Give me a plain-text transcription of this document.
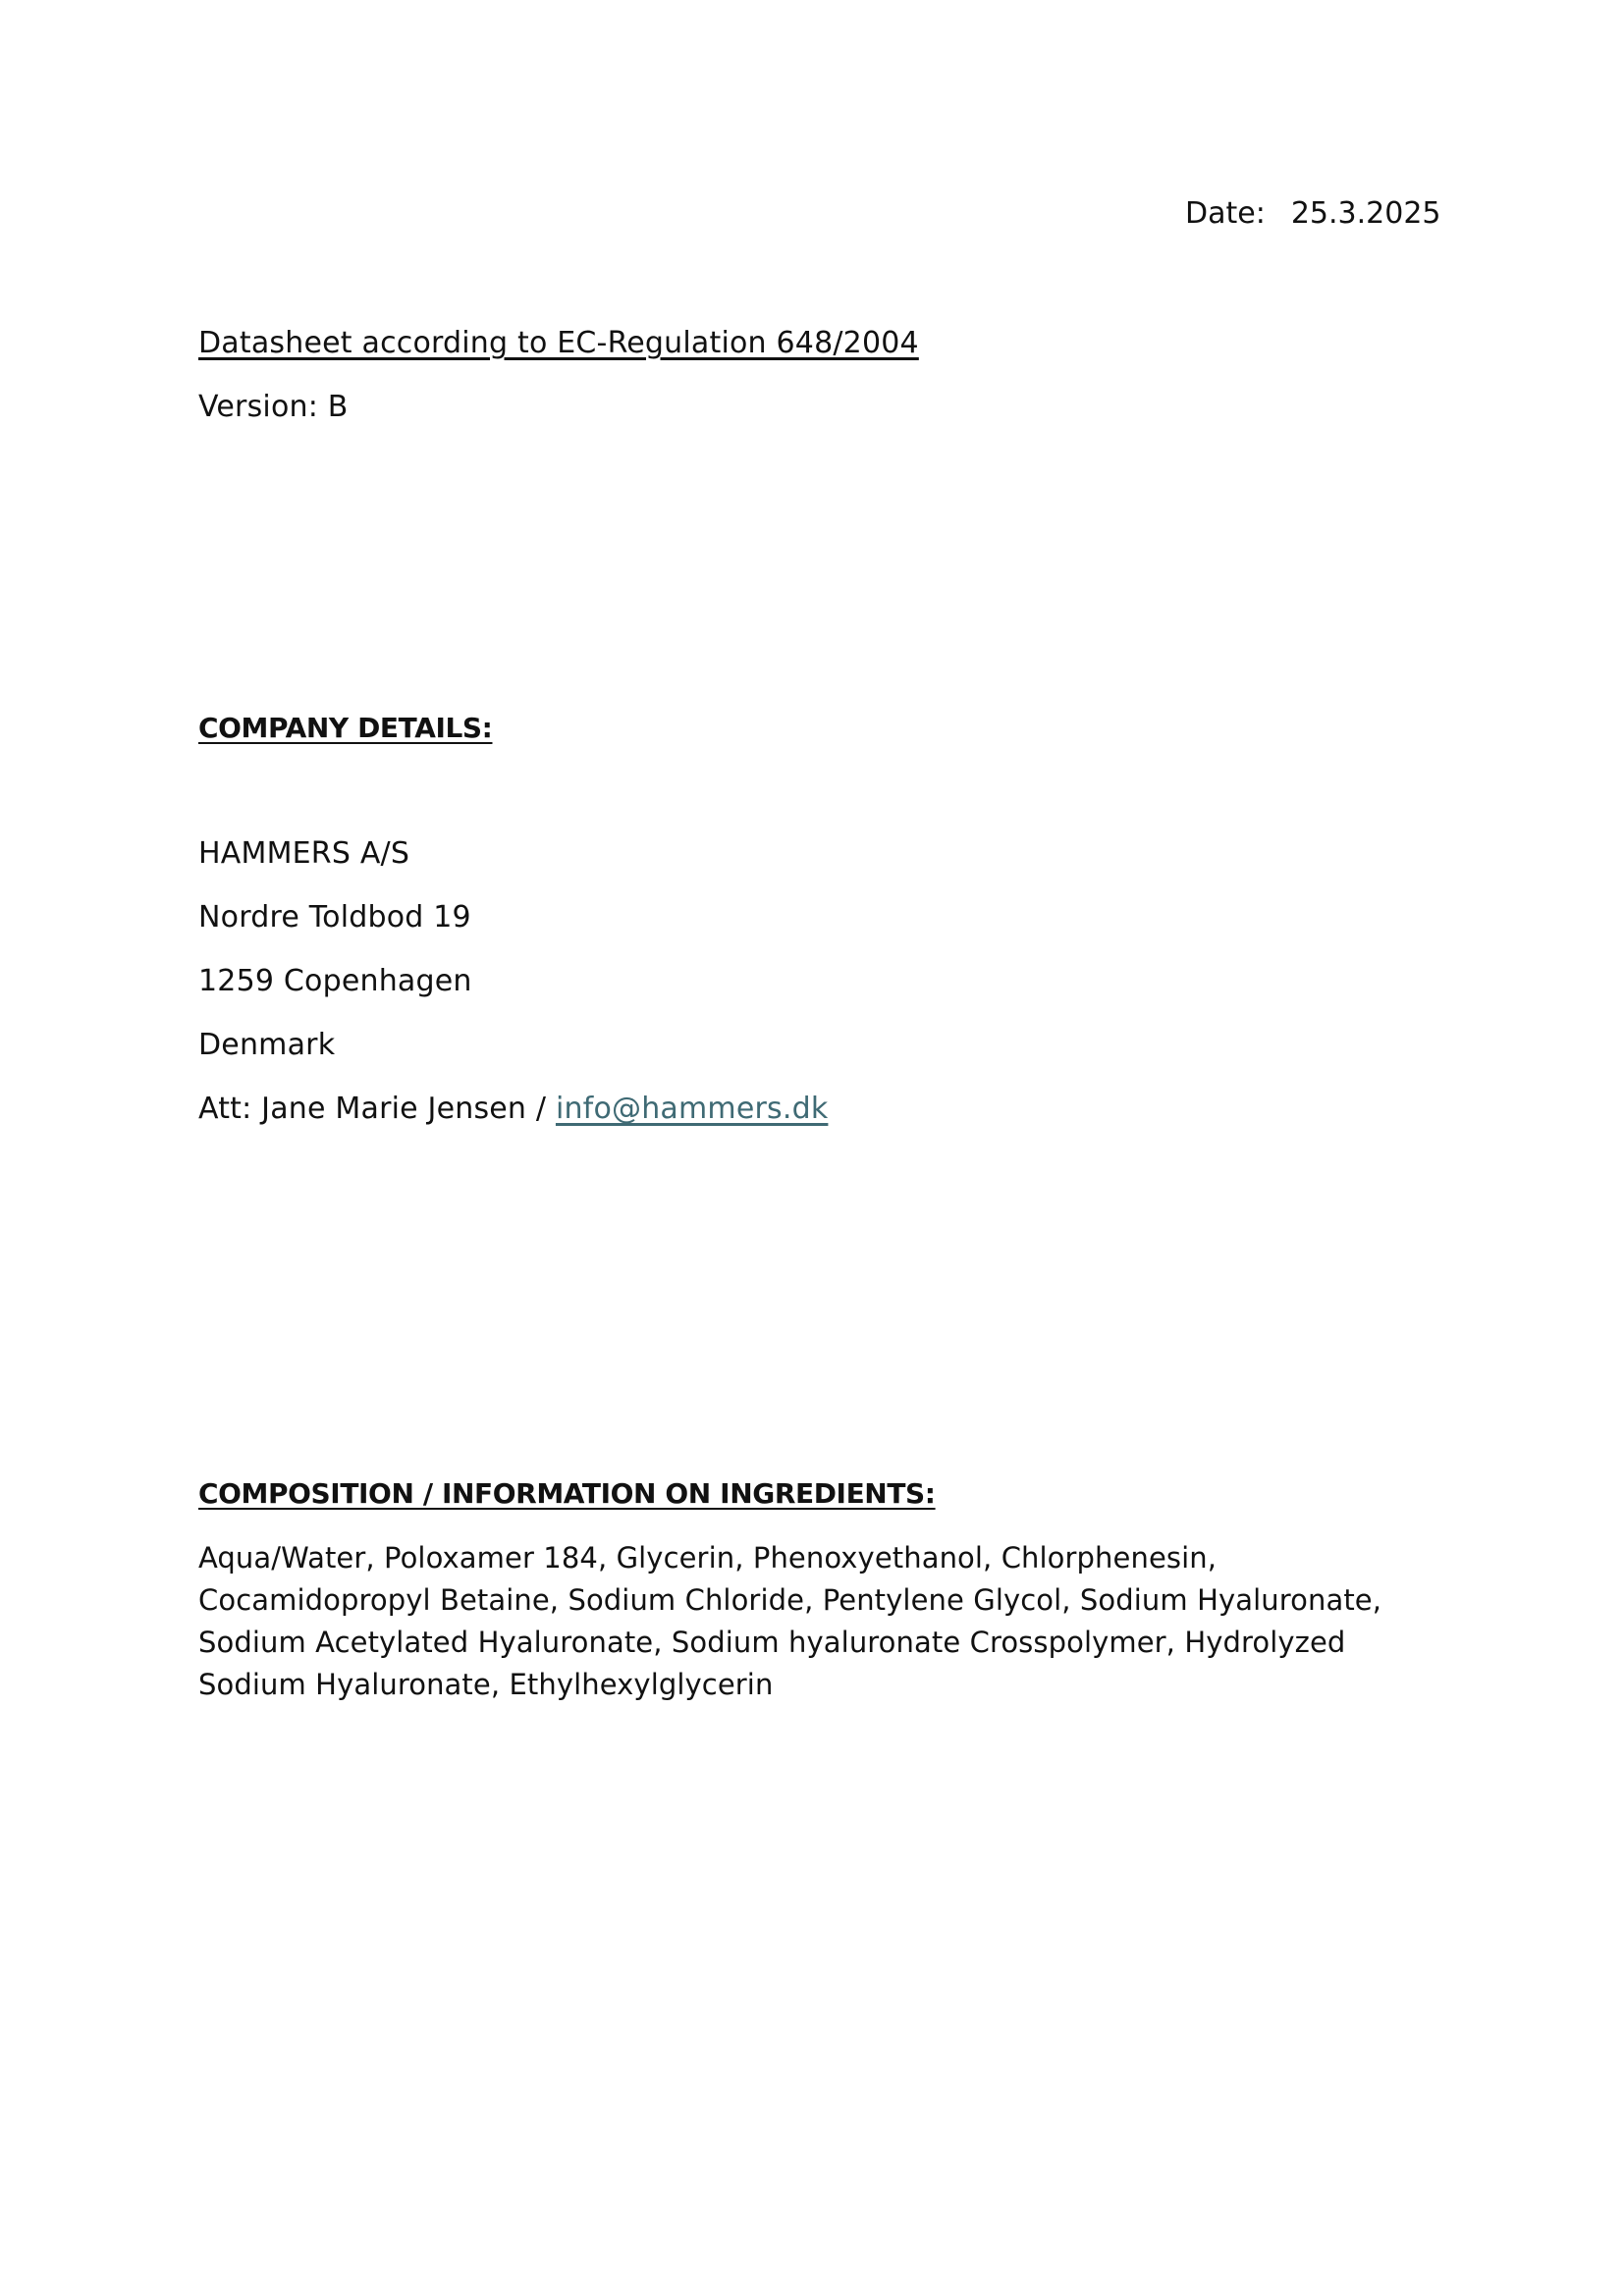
Date: 25.3.2025
Datasheet according to EC-Regulation 648/2004
Version: B
COMPANY DETAILS:
HAMMERS A/S
Nordre Toldbod 19
1259 Copenhagen
Denmark
Att: Jane Marie Jensen / info@hammers.dk
COMPOSITION / INFORMATION ON INGREDIENTS:
Aqua/Water, Poloxamer 184, Glycerin, Phenoxyethanol, Chlorphenesin, Cocamidopropyl Betaine, Sodium Chloride, Pentylene Glycol, Sodium Hyaluronate, Sodium Acetylated Hyaluronate, Sodium hyaluronate Crosspolymer, Hydrolyzed Sodium Hyaluronate, Ethylhexylglycerin
